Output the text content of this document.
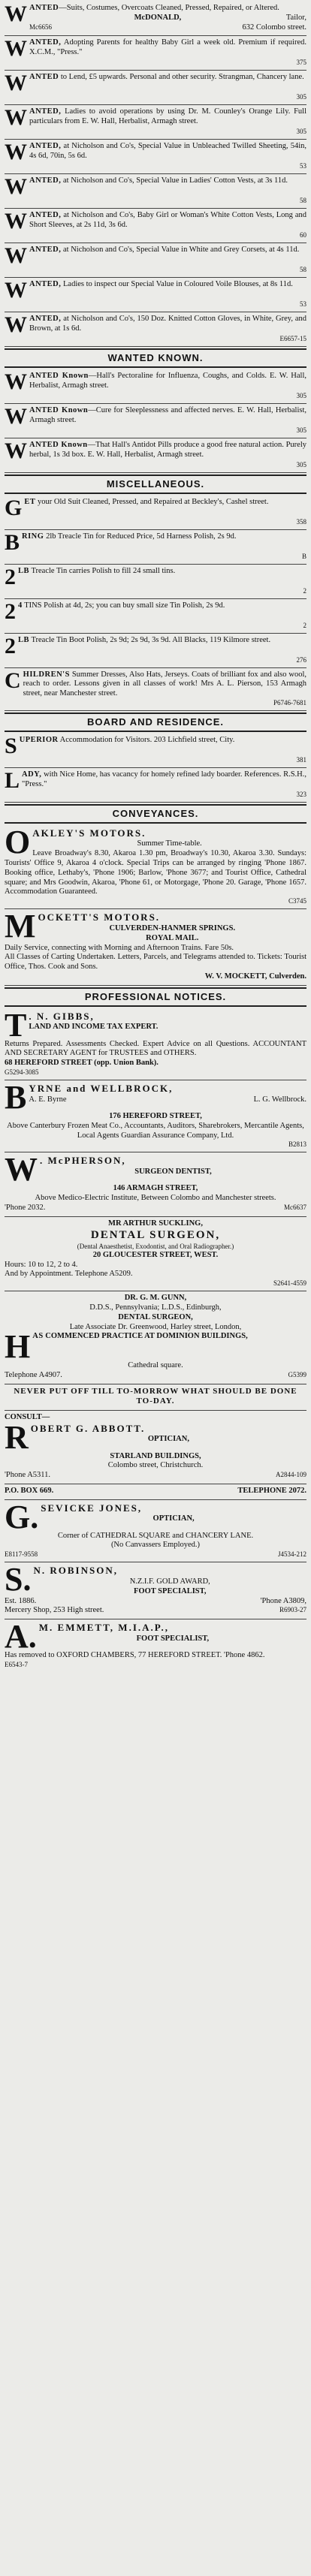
W ANTED—Suits, Costumes, Overcoats Cleaned, Pressed, Repaired, or Altered.
McDONALD,	Tailor,
Mc6656	632 Colombo street.
W ANTED, Adopting Parents for healthy Baby Girl a week old. Premium if required. X.C.M., "Press."
375
W ANTED to Lend, £5 upwards. Personal and other security. Strangman, Chancery lane.
305
W ANTED, Ladies to avoid operations by using Dr. M. Counley's Orange Lily. Full particulars from E. W. Hall, Herbalist, Armagh street.
305
W ANTED, at Nicholson and Co's, Special Value in Unbleached Twilled Sheeting, 54in, 4s 6d, 70in, 5s 6d.
53
W ANTED, at Nicholson and Co's, Special Value in Ladies' Cotton Vests, at 3s 11d.
58
W ANTED, at Nicholson and Co's, Baby Girl or Woman's White Cotton Vests, Long and Short Sleeves, at 2s 11d, 3s 6d.
60
W ANTED, at Nicholson and Co's, Special Value in White and Grey Corsets, at 4s 11d.
58
W ANTED, Ladies to inspect our Special Value in Coloured Voile Blouses, at 8s 11d.
53
W ANTED, at Nicholson and Co's, 150 Doz. Knitted Cotton Gloves, in White, Grey, and Brown, at 1s 6d.
E6657-15
WANTED KNOWN.
W ANTED Known—Hall's Pectoraline for Influenza, Coughs, and Colds. E. W. Hall, Herbalist, Armagh street.
305
W ANTED Known—Cure for Sleeplessness and affected nerves. E. W. Hall, Herbalist, Armagh street.
305
W ANTED Known—That Hall's Antidot Pills produce a good free natural action. Purely herbal, 1s 3d box. E. W. Hall, Herbalist, Armagh street.
305
MISCELLANEOUS.
G ET your Old Suit Cleaned, Pressed, and Repaired at Beckley's, Cashel street.
358
B RING 2lb Treacle Tin for Reduced Price, 5d Harness Polish, 2s 9d.
B
2 LB Treacle Tin carries Polish to fill 24 small tins.
2
2 4 TINS Polish at 4d, 2s; you can buy small size Tin Polish, 2s 9d.
2
2 LB Treacle Tin Boot Polish, 2s 9d; 2s 9d, 3s 9d. All Blacks, 119 Kilmore street.
276
C HILDREN'S Summer Dresses, Also Hats, Jerseys. Coats of brilliant fox and also wool, reach to order. Lessons given in all classes of work! Mrs A. L. Pierson, 153 Armagh street, near Manchester street.
P6746-7681
BOARD AND RESIDENCE.
S UPERIOR Accommodation for Visitors. 203 Lichfield street, City.
381
L ADY, with Nice Home, has vacancy for homely refined lady boarder. References. R.S.H., "Press."
323
CONVEYANCES.
O AKLEY'S MOTORS.
Summer Time-table.

Leave Broadway's 8.30, Akaroa 1.30 pm, Broadway's 10.30, Akaroa 3.30. Sundays: Tourists' Office 9, Akaroa 4 o'clock. Special Trips can be arranged by ringing 'Phone 1867. Booking office, Lethaby's, 'Phone 1906; Barlow, 'Phone 3677; and Tourist Office, Cathedral square; and Mrs Goodwin, Akaroa, 'Phone 61, or Motorgage, 'Phone 20. Garage, 'Phone 1657. Accommodation Guaranteed.

C3745
M OCKETT'S MOTORS.
CULVERDEN-HANMER SPRINGS.
ROYAL MAIL.

Daily Service, connecting with Morning and Afternoon Trains. Fare 50s.

All Classes of Carting Undertaken. Letters, Parcels, and Telegrams attended to. Tickets: Tourist Office, Thos. Cook and Sons.

W. V. MOCKETT, Culverden.
PROFESSIONAL NOTICES.
T . N. GIBBS,
LAND AND INCOME TAX EXPERT.

Returns Prepared. Assessments Checked. Expert Advice on all Questions. ACCOUNTANT AND SECRETARY AGENT for TRUSTEES and OTHERS.

68 HEREFORD STREET (opp. Union Bank).
G5294-3085
B YRNE and WELLBROCK,
A. E. Byrne	L. G. Wellbrock.
176 HEREFORD STREET,

Above Canterbury Frozen Meat Co., Accountants, Auditors, Sharebrokers, Mercantile Agents, Local Agents Guardian Assurance Company, Ltd.

B2813
W . McPHERSON,
SURGEON DENTIST,
146 ARMAGH STREET,

Above Medico-Electric Institute, Between Colombo and Manchester streets.

'Phone 2032.	Mc6637
MR ARTHUR SUCKLING,
DENTAL SURGEON,
(Dental Anaesthetist, Exodontist, and Oral Radiographer.)
20 GLOUCESTER STREET, WEST.
Hours: 10 to 12, 2 to 4.
And by Appointment. Telephone A5209.
S2641-4559
DR. G. M. GUNN,
D.D.S., Pennsylvania; L.D.S., Edinburgh,
DENTAL SURGEON,
Late Associate Dr. Greenwood, Harley street, London,
H AS COMMENCED PRACTICE AT DOMINION BUILDINGS,
Cathedral square.
Telephone A4907.	G5399
NEVER PUT OFF TILL TO-MORROW WHAT SHOULD BE DONE TO-DAY.
CONSULT—
R OBERT G. ABBOTT.
OPTICIAN,
STARLAND BUILDINGS,
Colombo street, Christchurch.
'Phone A5311.	A2844-109
P.O. BOX 669.	TELEPHONE 2072.
G. SEVICKE JONES,
OPTICIAN,
Corner of CATHEDRAL SQUARE and CHANCERY LANE.
(No Canvassers Employed.)
E8117-9558	J4534-212
S. N. ROBINSON,
N.Z.I.F. GOLD AWARD,
FOOT SPECIALIST,
Est. 1886.	'Phone A3809,
Mercery Shop, 253 High street.	R6903-27
A. M. EMMETT, M.I.A.P.,
FOOT SPECIALIST,

Has removed to OXFORD CHAMBERS, 77 HEREFORD STREET. 'Phone 4862.

E6543-7
